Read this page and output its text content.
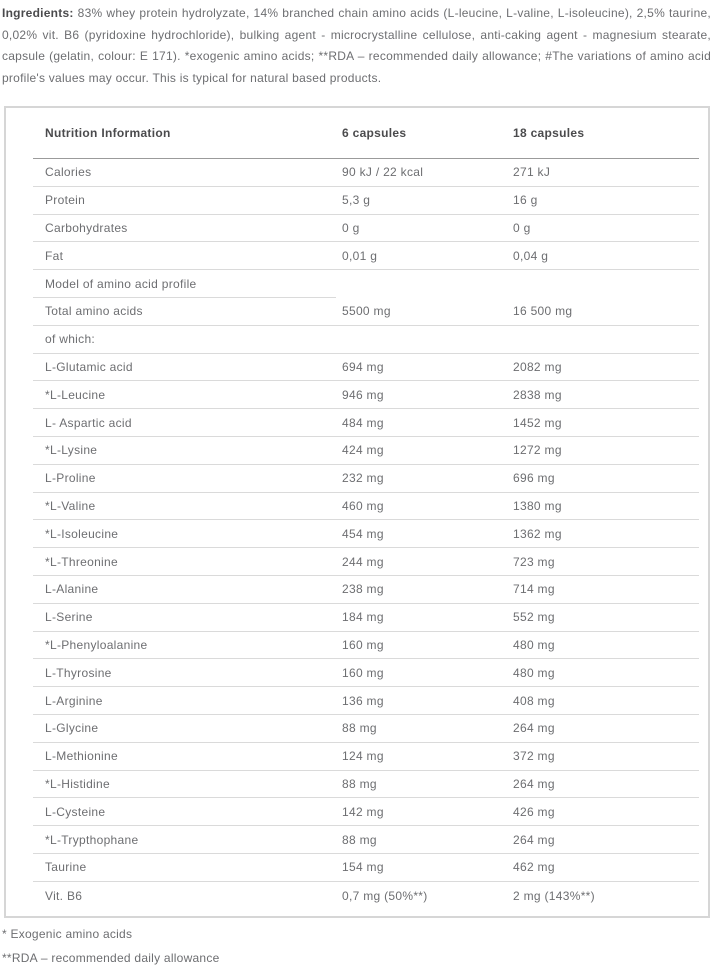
Ingredients: 83% whey protein hydrolyzate, 14% branched chain amino acids (L-leucine, L-valine, L-isoleucine), 2,5% taurine, 0,02% vit. B6 (pyridoxine hydrochloride), bulking agent - microcrystalline cellulose, anti-caking agent - magnesium stearate, capsule (gelatin, colour: E 171). *exogenic amino acids; **RDA – recommended daily allowance; #The variations of amino acid profile's values may occur. This is typical for natural based products.

Nutrition Information	6 capsules	18 capsules
Calories	90 kJ / 22 kcal	271 kJ
Protein	5,3 g	16 g
Carbohydrates	0 g	0 g
Fat	0,01 g	0,04 g
Model of amino acid profile
Total amino acids	5500 mg	16 500 mg
of which:
L-Glutamic acid	694 mg	2082 mg
*L-Leucine	946 mg	2838 mg
L- Aspartic acid	484 mg	1452 mg
*L-Lysine	424 mg	1272 mg
L-Proline	232 mg	696 mg
*L-Valine	460 mg	1380 mg
*L-Isoleucine	454 mg	1362 mg
*L-Threonine	244 mg	723 mg
L-Alanine	238 mg	714 mg
L-Serine	184 mg	552 mg
*L-Phenyloalanine	160 mg	480 mg
L-Thyrosine	160 mg	480 mg
L-Arginine	136 mg	408 mg
L-Glycine	88 mg	264 mg
L-Methionine	124 mg	372 mg
*L-Histidine	88 mg	264 mg
L-Cysteine	142 mg	426 mg
*L-Trypthophane	88 mg	264 mg
Taurine	154 mg	462 mg
Vit. B6	0,7 mg (50%**)	2 mg (143%**)

* Exogenic amino acids

**RDA – recommended daily allowance
